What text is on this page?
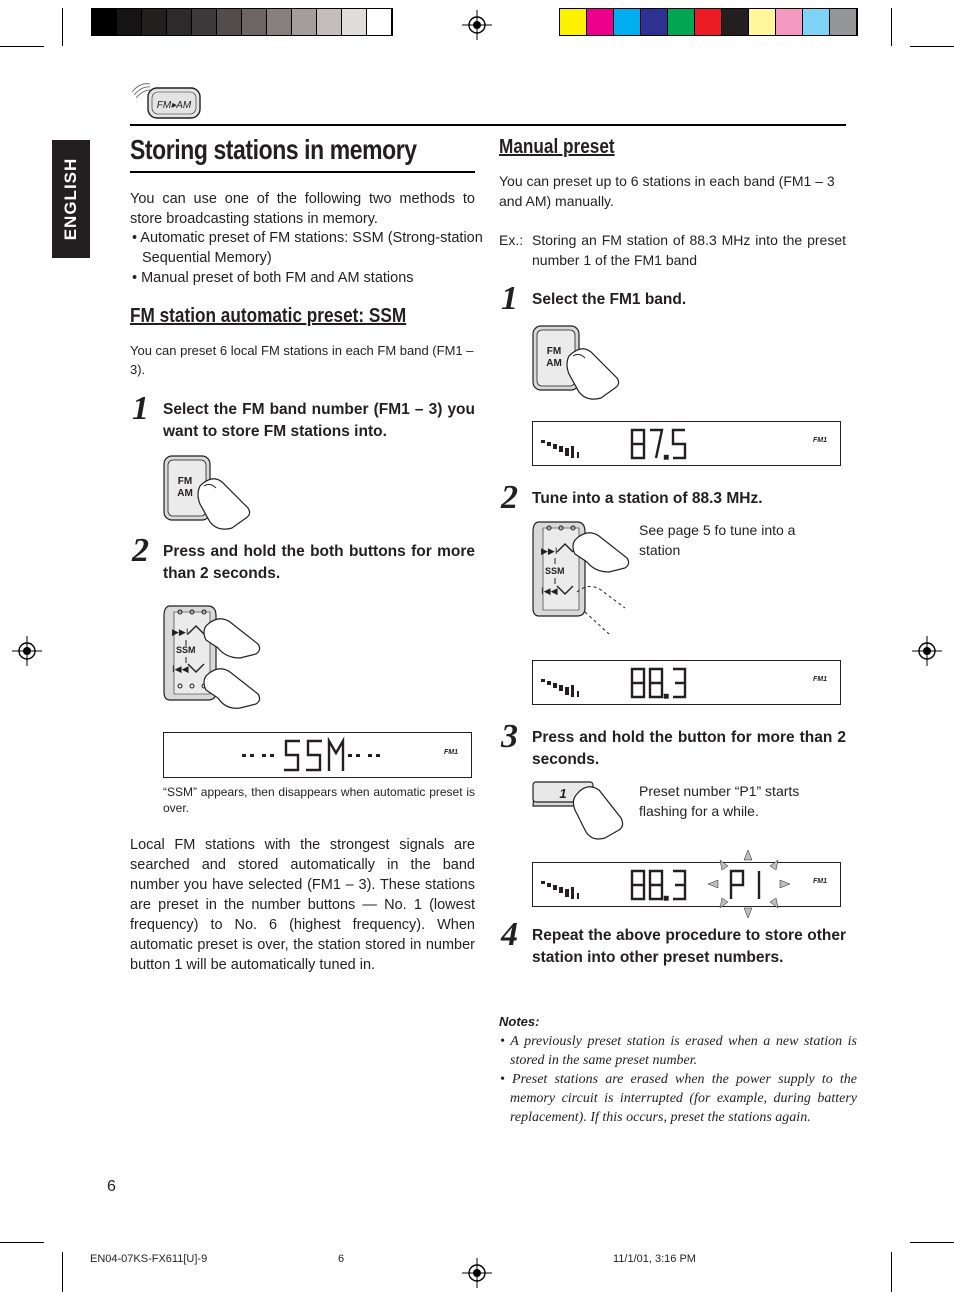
FM▸AM
ENGLISH
Storing stations in memory
You can use one of the following two methods to store broadcasting stations in memory.
• Automatic preset of FM stations: SSM (Strong-station Sequential Memory)
• Manual preset of both FM and AM stations
FM station automatic preset: SSM
You can preset 6 local FM stations in each FM band (FM1 – 3).
1 Select the FM band number (FM1 – 3) you want to store FM stations into.
FM
AM
2 Press and hold the both buttons for more than 2 seconds.
▶▶I
SSM
I◀◀
FM1
“SSM” appears, then disappears when automatic preset is over.
Local FM stations with the strongest signals are searched and stored automatically in the band number you have selected (FM1 – 3). These stations are preset in the number buttons — No. 1 (lowest frequency) to No. 6 (highest frequency). When automatic preset is over, the station stored in number button 1 will be automatically tuned in.
Manual preset
You can preset up to 6 stations in each band (FM1 – 3 and AM) manually.
Ex.: Storing an FM station of 88.3 MHz into the preset number 1 of the FM1 band
1 Select the FM1 band.
FM
AM
FM1
2 Tune into a station of 88.3 MHz.
See page 5 fo tune into a station
▶▶I
SSM
I◀◀
FM1
3 Press and hold the button for more than 2 seconds.
Preset number “P1” starts flashing for a while.
1
FM1
4 Repeat the above procedure to store other station into other preset numbers.
Notes:
• A previously preset station is erased when a new station is stored in the same preset number.
• Preset stations are erased when the power supply to the memory circuit is interrupted (for example, during battery replacement). If this occurs, preset the stations again.
6
EN04-07KS-FX611[U]-9	6	11/1/01, 3:16 PM
